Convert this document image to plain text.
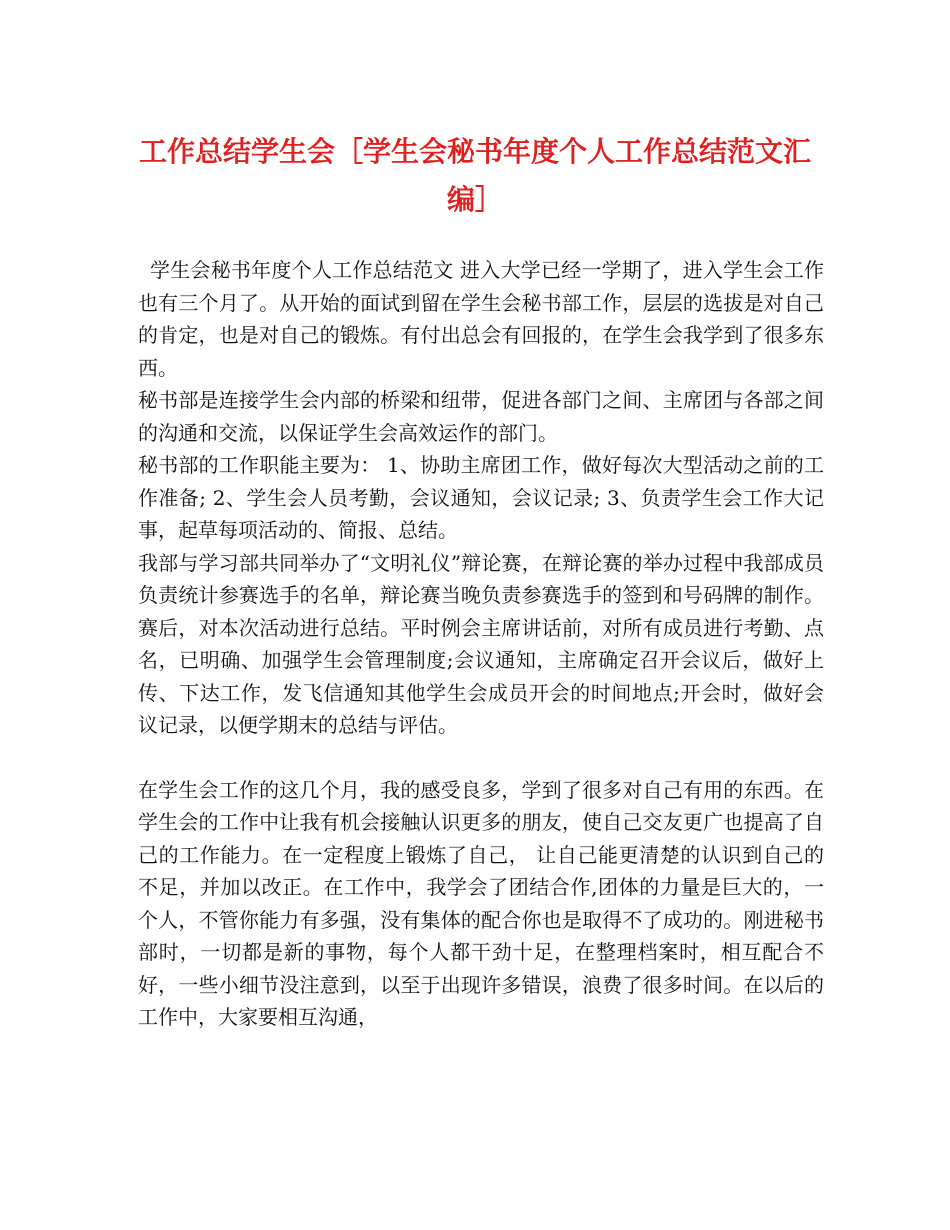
工作总结学生会［学生会秘书年度个人工作总结范文汇编］

学生会秘书年度个人工作总结范文 进入大学已经一学期了，进入学生会工作也有三个月了。从开始的面试到留在学生会秘书部工作，层层的选拔是对自己的肯定，也是对自己的锻炼。有付出总会有回报的，在学生会我学到了很多东西。

秘书部是连接学生会内部的桥梁和纽带，促进各部门之间、主席团与各部之间的沟通和交流，以保证学生会高效运作的部门。

秘书部的工作职能主要为： 1、协助主席团工作，做好每次大型活动之前的工作准备; 2、学生会人员考勤，会议通知，会议记录; 3、负责学生会工作大记事，起草每项活动的、简报、总结。

我部与学习部共同举办了“文明礼仪”辩论赛，在辩论赛的举办过程中我部成员负责统计参赛选手的名单，辩论赛当晚负责参赛选手的签到和号码牌的制作。赛后，对本次活动进行总结。平时例会主席讲话前，对所有成员进行考勤、点名，已明确、加强学生会管理制度;会议通知，主席确定召开会议后，做好上传、下达工作，发飞信通知其他学生会成员开会的时间地点;开会时，做好会议记录，以便学期末的总结与评估。

在学生会工作的这几个月，我的感受良多，学到了很多对自己有用的东西。在学生会的工作中让我有机会接触认识更多的朋友，使自己交友更广也提高了自己的工作能力。在一定程度上锻炼了自己， 让自己能更清楚的认识到自己的不足，并加以改正。在工作中，我学会了团结合作,团体的力量是巨大的，一个人，不管你能力有多强，没有集体的配合你也是取得不了成功的。刚进秘书部时，一切都是新的事物，每个人都干劲十足，在整理档案时，相互配合不好，一些小细节没注意到，以至于出现许多错误，浪费了很多时间。在以后的工作中，大家要相互沟通，
